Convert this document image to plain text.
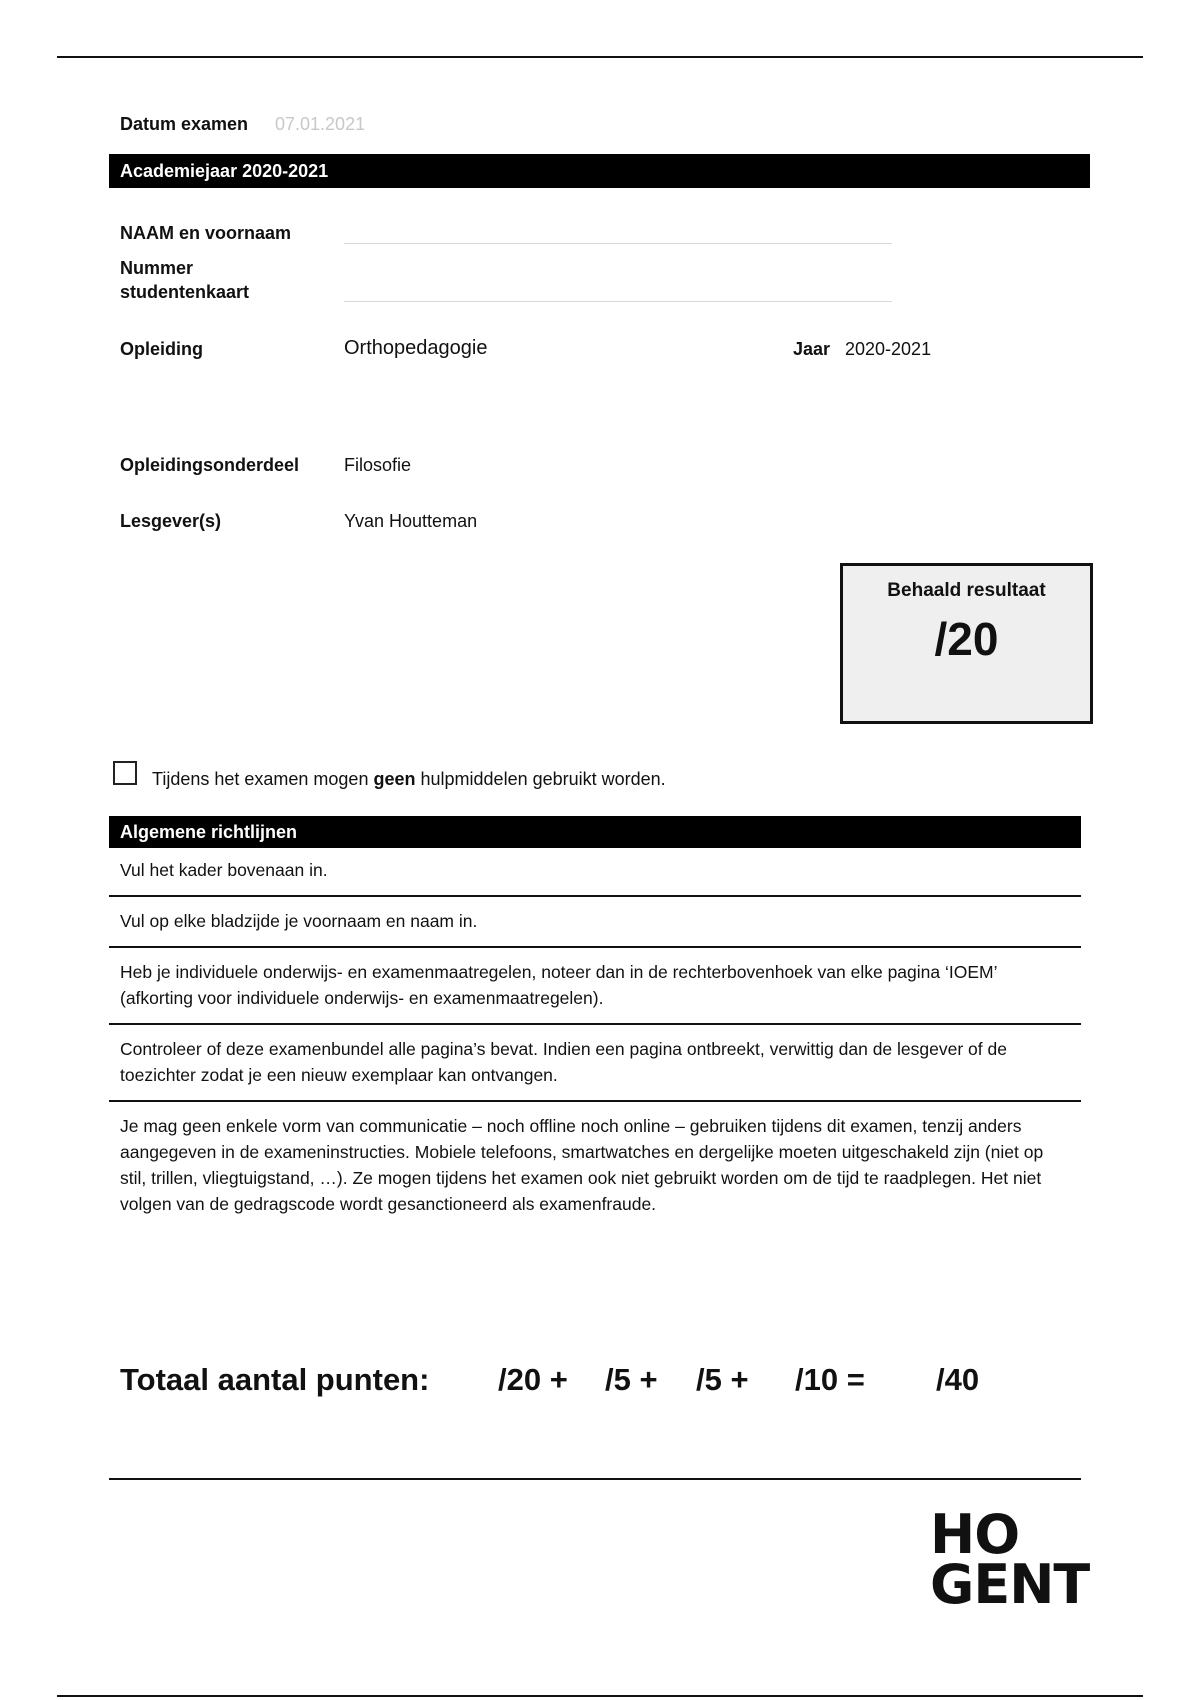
Datum examen 07.01.2021
Academiejaar 2020-2021
NAAM en voornaam
Nummer
studentenkaart
Opleiding	Orthopedagogie	Jaar 2020-2021
Opleidingsonderdeel Filosofie
Lesgever(s)	Yvan Houtteman
Behaald resultaat
/20
Tijdens het examen mogen geen hulpmiddelen gebruikt worden.
Algemene richtlijnen
Vul het kader bovenaan in.
Vul op elke bladzijde je voornaam en naam in.
Heb je individuele onderwijs- en examenmaatregelen, noteer dan in de rechterbovenhoek van elke pagina ‘IOEM’ (afkorting voor individuele onderwijs- en examenmaatregelen).
Controleer of deze examenbundel alle pagina’s bevat. Indien een pagina ontbreekt, verwittig dan de lesgever of de toezichter zodat je een nieuw exemplaar kan ontvangen.
Je mag geen enkele vorm van communicatie – noch offline noch online – gebruiken tijdens dit examen, tenzij anders aangegeven in de exameninstructies. Mobiele telefoons, smartwatches en dergelijke moeten uitgeschakeld zijn (niet op stil, trillen, vliegtuigstand, …). Ze mogen tijdens het examen ook niet gebruikt worden om de tijd te raadplegen. Het niet volgen van de gedragscode wordt gesanctioneerd als examenfraude.
Totaal aantal punten: /20 + /5 + /5 + /10 = /40
HO
GENT
